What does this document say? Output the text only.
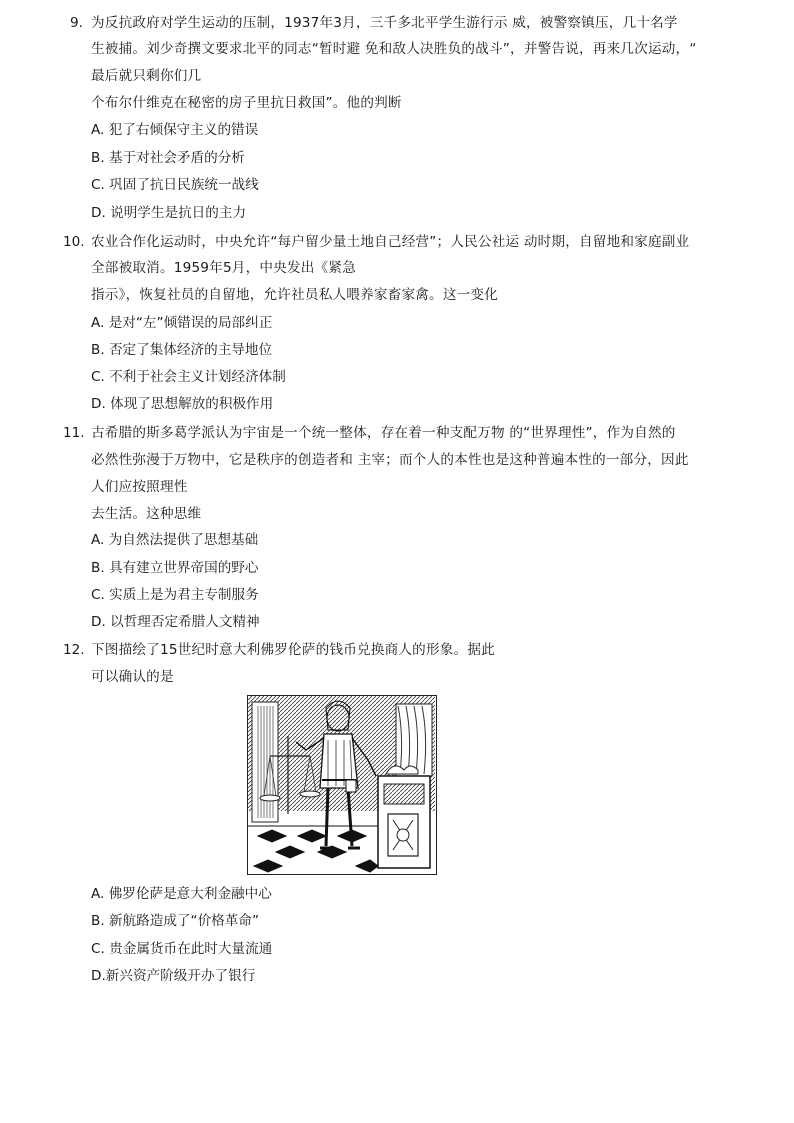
9. 为反抗政府对学生运动的压制，1937年3月，三千多北平学生游行示 威，被警察镇压，几十名学
生被捕。刘少奇撰文要求北平的同志“暂时避 免和敌人决胜负的战斗”，并警告说，再来几次运动，“
最后就只剩你们几
个布尔什维克在秘密的房子里抗日救国”。他的判断
A. 犯了右倾保守主义的错误
B. 基于对社会矛盾的分析
C. 巩固了抗日民族统一战线
D. 说明学生是抗日的主力
10. 农业合作化运动时，中央允许“每户留少量土地自己经营”；人民公社运 动时期，自留地和家庭副业
全部被取消。1959年5月，中央发出《紧急
指示》，恢复社员的自留地，允许社员私人喂养家畜家禽。这一变化
A. 是对“左”倾错误的局部纠正
B. 否定了集体经济的主导地位
C. 不利于社会主义计划经济体制
D. 体现了思想解放的积极作用
11. 古希腊的斯多葛学派认为宇宙是一个统一整体，存在着一种支配万物 的“世界理性”，作为自然的
必然性弥漫于万物中，它是秩序的创造者和 主宰；而个人的本性也是这种普遍本性的一部分，因此
人们应按照理性
去生活。这种思维
A. 为自然法提供了思想基础
B. 具有建立世界帝国的野心
C. 实质上是为君主专制服务
D. 以哲理否定希腊人文精神
12. 下图描绘了15世纪时意大利佛罗伦萨的钱币兑换商人的形象。据此
可以确认的是
A. 佛罗伦萨是意大利金融中心
B. 新航路造成了“价格革命”
C. 贵金属货币在此时大量流通
D.新兴资产阶级开办了银行
